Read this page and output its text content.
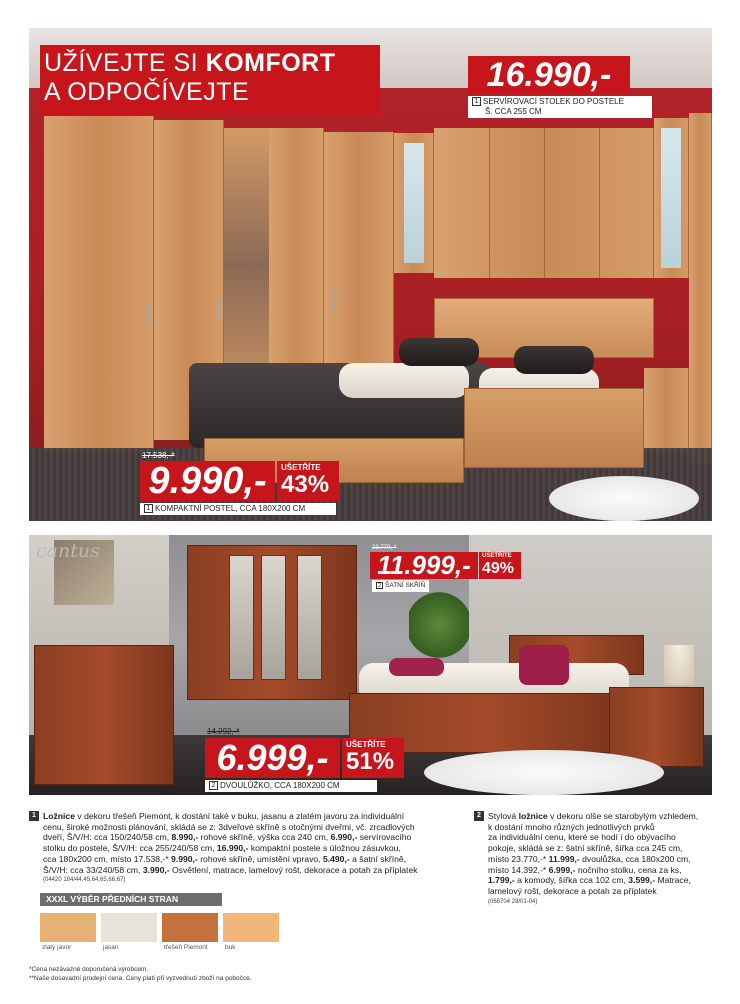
UŽÍVEJTE SI KOMFORT
A ODPOČÍVEJTE	16.990,-
1 SERVÍROVACÍ STOLEK DO POSTELE
Š. CCA 255 CM
17.538,-*
9.990,-	UŠETŘÍTE
43%
1 KOMPAKTNÍ POSTEL, CCA 180X200 CM
cantus	23.770,-*
11.999,-	UŠETŘÍTE
49%
2 ŠATNÍ SKŘÍŇ
14.292,-*
6.999,-	UŠETŘÍTE
51%
2 DVOULŮŽKO, CCA 180X200 CM
1 Ložnice v dekoru třešeň Piemont, k dostání také v buku, jasanu a zlatém javoru za individuální
cenu, široké možnosti plánování, skládá se z: 3dveřové skříně s otočnými dveřmi, vč. zrcadlových
dveří, Š/V/H: cca 150/240/58 cm, 8.990,- rohové skříně, výška cca 240 cm, 6.990,- servírovacího
stolku do postele, Š/V/H: cca 255/240/58 cm, 16.990,- kompaktní postele s úložnou zásuvkou,
cca 180x200 cm, místo 17.538,-* 9.990,- rohové skříně, umístění vpravo, 5.490,- a šatní skříně,
Š/V/H: cca 33/240/58 cm, 3.990,- Osvětlení, matrace, lamelový rošt, dekorace a potah za příplatek
(04420 184/44,45,64,65,66,67)
2 Stylová ložnice v dekoru olše se starobylým vzhledem,
k dostání mnoho různých jednotlivých prvků
za individuální cenu, které se hodí i do obývacího
pokoje, skládá se z: šatní skříně, šířka cca 245 cm,
místo 23.770,-* 11.999,- dvoulůžka, cca 180x200 cm,
místo 14.392,-* 6.999,- nočního stolku, cena za ks,
1.799,- a komody, šířka cca 102 cm, 3.599,- Matrace,
lamelový rošt, dekorace a potah za příplatek
(068704 28/01-04)
XXXL VÝBĚR PŘEDNÍCH STRAN
zlatý javor	jasan	třešeň Piemont	buk
*Cena nezávazně doporučená výrobcem.
**Naše dosavadní prodejní cena. Ceny platí při vyzvednutí zboží na pobočce.
